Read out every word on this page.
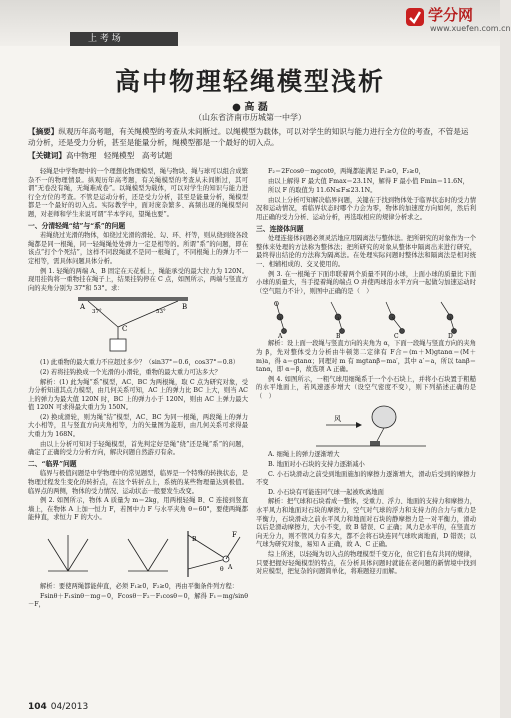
上 考 场
学分网
www.xuefen.com.cn
高中物理轻绳模型浅析
● 高 磊
（山东省济南市历城第一中学）
【摘要】纵观历年高考题，有关绳模型的考查从未间断过。以绳模型为载体，可以对学生的知识与能力进行全方位的考查，不管是运动分析，还是受力分析，甚至是能量分析，绳模型都是一个最好的切入点。
【关键词】高中物理　轻绳模型　高考试题

轻绳是中学物理中的一个理想化物理模型，绳与物块、绳与球可以组合成繁杂不一的物理情景。纵观历年高考题，有关绳模型的考查从未间断过，其可谓“无卷没有绳，无绳难成卷”。以绳模型为载体，可以对学生的知识与能力进行全方位的考查。不管是运动分析，还是受力分析，甚至是能量分析，绳模型都是一个最好的切入点。实际教学中，面对庞杂繁多、高频出现的绳模型问题，对老师和学生来说可谓“半本学问，望绳也要”。

一、分清轻绳“结”与“系”的问题

若绳绕过光滑的物体，如绕过光滑的滑轮、勾、环、杆等，则从绕到绕各段绳都是同一根绳，同一轻绳绳处处弹力一定是相等的。所谓“系”的问题，即在该点“打个个死结”，这样不同段绳就不是同一根绳了，不同根绳上的弹力不一定相等，需具体问题具体分析。

例 1. 轻绳的两端 A、B 固定在天花板上，绳能承受的最大拉力为 120N。现用挂钩将一重物挂在绳子上，结果挂钩停在 C 点，如图所示，两端与竖直方向的夹角分别为 37°和 53°。求：

A	B
C
37°	53°

(1) 此重物的最大重力不应超过多少？（sin37°＝0.6，cos37°＝0.8）

(2) 若将挂钩换成一个光滑的小滑轮，重物的最大重力可达多大？

解析：(1) 此为绳“系”模型，AC、BC 为两根绳，取 C 点为研究对象，受力分析知道其点力模型，由几何关系可知，AC 上的弹力比 BC 上大，则当 AC 上的弹力为最大值 120N 时，BC 上的弹力小于 120N，则由 AC 上弹力最大值 120N 可求得最大重力为 150N。

(2) 换成滑轮，则为绳“结”模型，AC、BC 为同一根绳，两段绳上的弹力大小相等，且与竖直方向夹角相等，力的矢量图为菱形，由几何关系可求得最大重力为 168N。

由以上分析可知对于轻绳模型，首先判定好是绳“绕”还是绳“系”的问题，确定了正确的受力分析方向，解决问题自然游刃有余。

二、“临界”问题

临界与极值问题是中学物理中的常见题型，临界是一个特殊的转换状态，是物理过程发生变化的转折点，在这个转折点上，系统的某些物理量达到极值。临界点的两侧，物体的受力情况、运动状态一般要发生改变。

例 2. 如图所示，物体 A 质量为 m＝2kg，用两根轻绳 B、C 连接到竖直墙上，在物体 A 上加一恒力 F，若图中力 F 与水平夹角 θ＝60°，要使两绳都能伸直，求恒力 F 的大小。

F
θ A
B

解析：要使两绳都能伸直，必须 F₁≥0，F₂≥0，再由平衡条件列方程：

Fsinθ＋F₁sinθ－mg＝0，Fcosθ－F₂－F₁cosθ＝0，解得 F₁＝mg/sinθ－F，

F₂＝2Fcosθ－mgcotθ，两绳都能满足 F₁≥0，F₂≥0，

由以上解得 F 最大值 Fmax＝23.1N，解得 F 最小值 Fmin＝11.6N，

所以 F 的取值为 11.6N≤F≤23.1N。

由以上分析可知解决临界问题，关键在于找到物体处于临界状态时的受力情况和运动情况，看临界状态时哪个力会为零，物体的加速度方向如何，然后利用正确的受力分析、运动分析，再选取相应的规律分析求之。

三、连接体问题

处理连接体问题必须灵活地应用隔离法与整体法。把所研究的对象作为一个整体来处理的方法称为整体法；把所研究的对象从整体中隔离出来进行研究，最终得出结论的方法称为隔离法。在处理实际问题时整体法和隔离法是相对统一、相辅相成的、交叉使用的。

例 3. 在一根绳子下面串联着两个质量不同的小球，上面小球的质量比下面小球的质量大，当手提着绳的端点 O 并使两球沿水平方向一起做匀加速运动时（空气阻力不计），则图中正确的是（　）

O
A	B	C	D

解析：设上面一段绳与竖直方向的夹角为 α，下面一段绳与竖直方向的夹角为 β，先对整体受力分析由牛顿第二定律有 F合＝(m＋M)gtanα＝(M＋m)a，得 a＝gtanα；同理对 m 有 mgtanβ＝ma′，其中 a′＝a，所以 tanβ＝tanα，即 α＝β，故选项 A 正确。

例 4. 如图所示，一粗气球用细绳系于一个小石块上，并将小石块置于粗糙的水平地面上，若风速逐步增大（设空气密度不变），则下列描述正确的是（　）

风

A. 细绳上的弹力逐渐增大

B. 地面对小石块的支持力逐渐减小

C. 小石块滑动之前受到地面施加的摩擦力逐渐增大，滑动后受到的摩擦力不变

D. 小石块有可能连同气球一起被吹离地面

解析：把气球和石块看成一整体，受重力、浮力、地面的支持力和摩擦力，水平风力和地面对石块的摩擦力，空气对气球的浮力和支持力的合力与重力是平衡力，石块滑动之前水平风力和地面对石块的静摩擦力是一对平衡力，滑动以后是滑动摩擦力，大小不变，故 B 错误、C 正确；风力是水平的，在竖直方向无分力，则不管风力有多大，都不会将石块连同气球吹离地面，D 错误；以气球为研究对象，易知 A 正确，故 A、C 正确。

综上所述，以轻绳为切入点的物理模型千变万化，但它们也有共同的规律，只要把握好轻绳模型的特点，在分析具体问题时就能在老问题的新情境中找到对应模型，把复杂的问题简单化，将难题迎刃而解。

104 04/2013
